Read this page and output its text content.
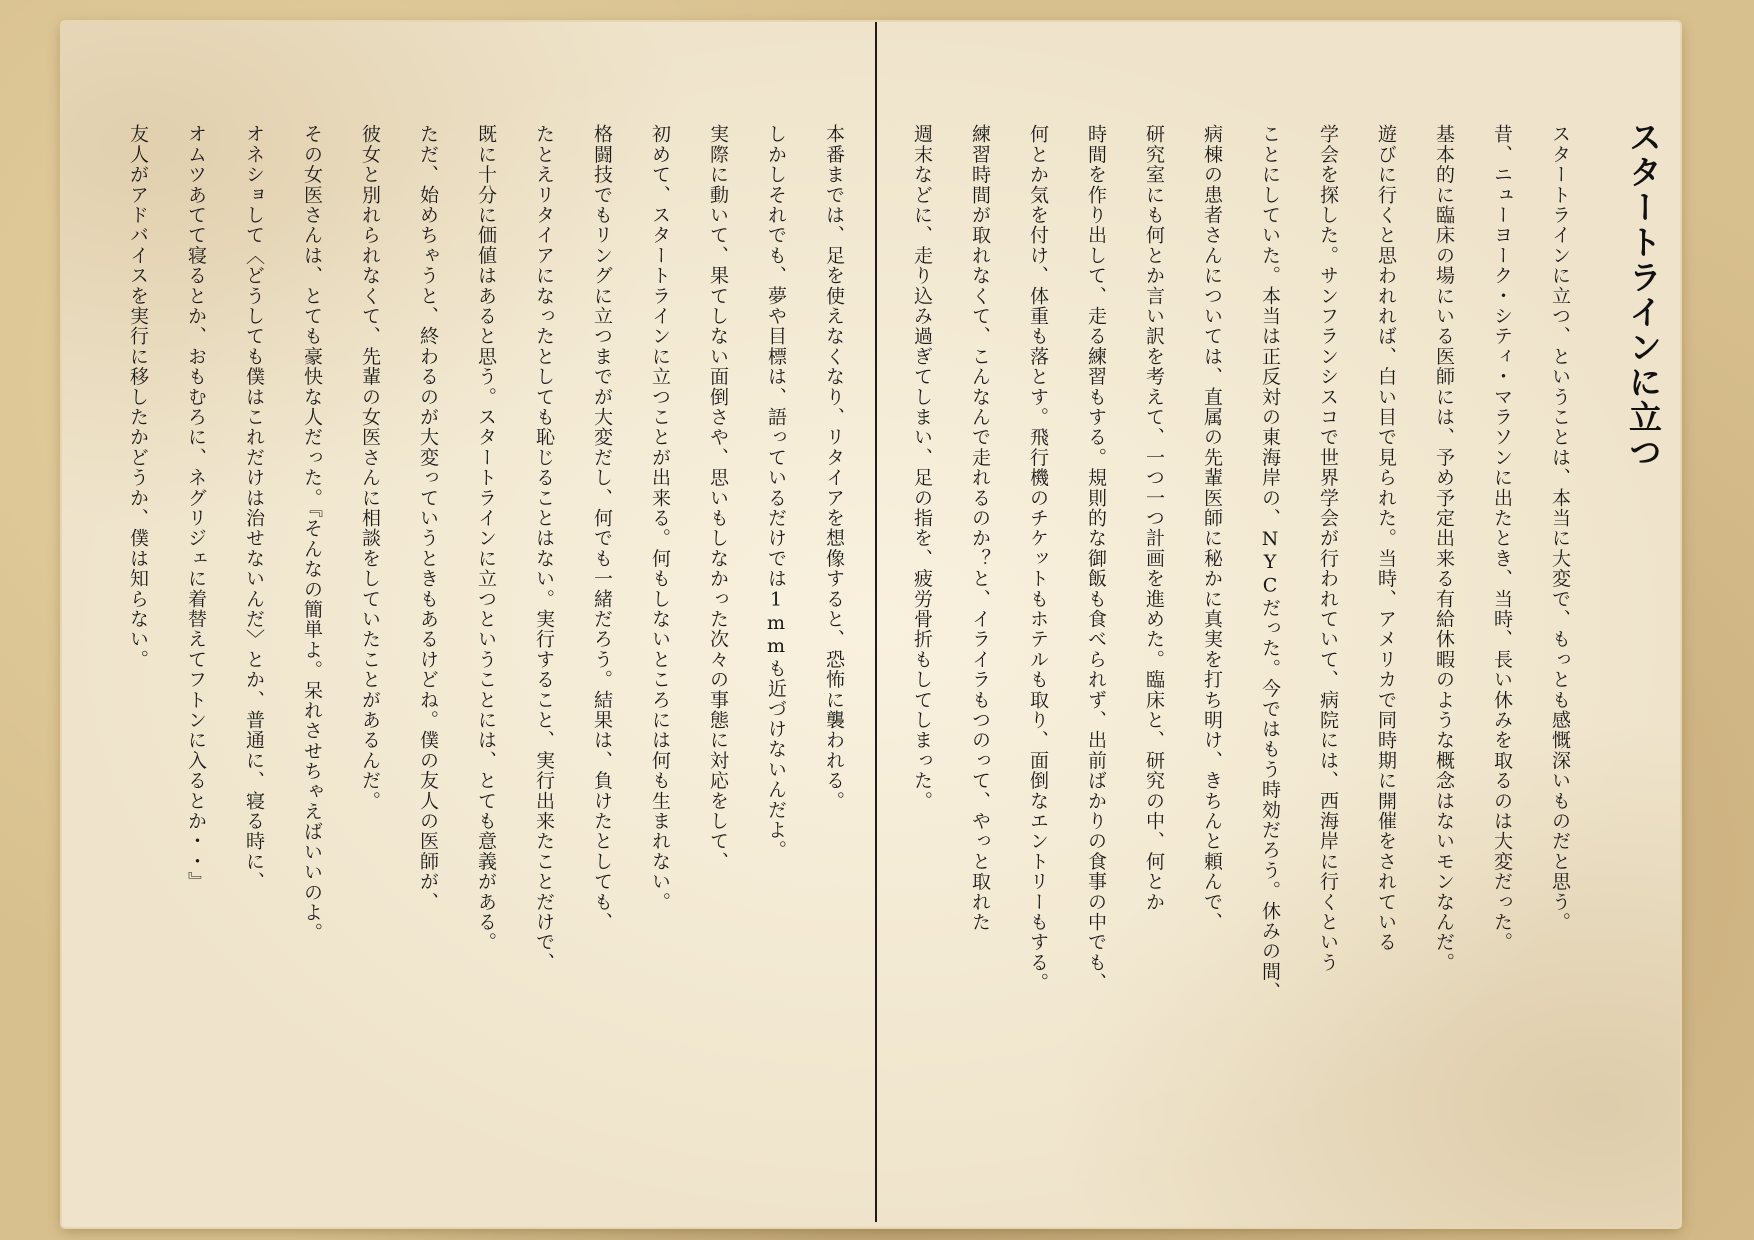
スタートラインに立つ
スタートラインに立つ、ということは、本当に大変で、もっとも感慨深いものだと思う。
昔、ニューヨーク・シティ・マラソンに出たとき、当時、長い休みを取るのは大変だった。
基本的に臨床の場にいる医師には、予め予定出来る有給休暇のような概念はないモンなんだ。
遊びに行くと思われれば、白い目で見られた。当時、アメリカで同時期に開催をされている
学会を探した。サンフランシスコで世界学会が行われていて、病院には、西海岸に行くという
ことにしていた。本当は正反対の東海岸の、NYCだった。今ではもう時効だろう。休みの間、
病棟の患者さんについては、直属の先輩医師に秘かに真実を打ち明け、きちんと頼んで、
研究室にも何とか言い訳を考えて、一つ一つ計画を進めた。臨床と、研究の中、何とか
時間を作り出して、走る練習もする。規則的な御飯も食べられず、出前ばかりの食事の中でも、
何とか気を付け、体重も落とす。飛行機のチケットもホテルも取り、面倒なエントリーもする。
練習時間が取れなくて、こんなんで走れるのか？と、イライラもつのって、やっと取れた
週末などに、走り込み過ぎてしまい、足の指を、疲労骨折もしてしまった。
本番までは、足を使えなくなり、リタイアを想像すると、恐怖に襲われる。
しかしそれでも、夢や目標は、語っているだけでは1mmも近づけないんだよ。
実際に動いて、果てしない面倒さや、思いもしなかった次々の事態に対応をして、
初めて、スタートラインに立つことが出来る。何もしないところには何も生まれない。
格闘技でもリングに立つまでが大変だし、何でも一緒だろう。結果は、負けたとしても、
たとえリタイアになったとしても恥じることはない。実行すること、実行出来たことだけで、
既に十分に価値はあると思う。スタートラインに立つということには、とても意義がある。
ただ、始めちゃうと、終わるのが大変っていうときもあるけどね。僕の友人の医師が、
彼女と別れられなくて、先輩の女医さんに相談をしていたことがあるんだ。
その女医さんは、とても豪快な人だった。『そんなの簡単よ。呆れさせちゃえばいいのよ。
オネショして〈どうしても僕はこれだけは治せないんだ〉とか、普通に、寝る時に、
オムツあてて寝るとか、おもむろに、ネグリジェに着替えてフトンに入るとか・・』
友人がアドバイスを実行に移したかどうか、僕は知らない。
